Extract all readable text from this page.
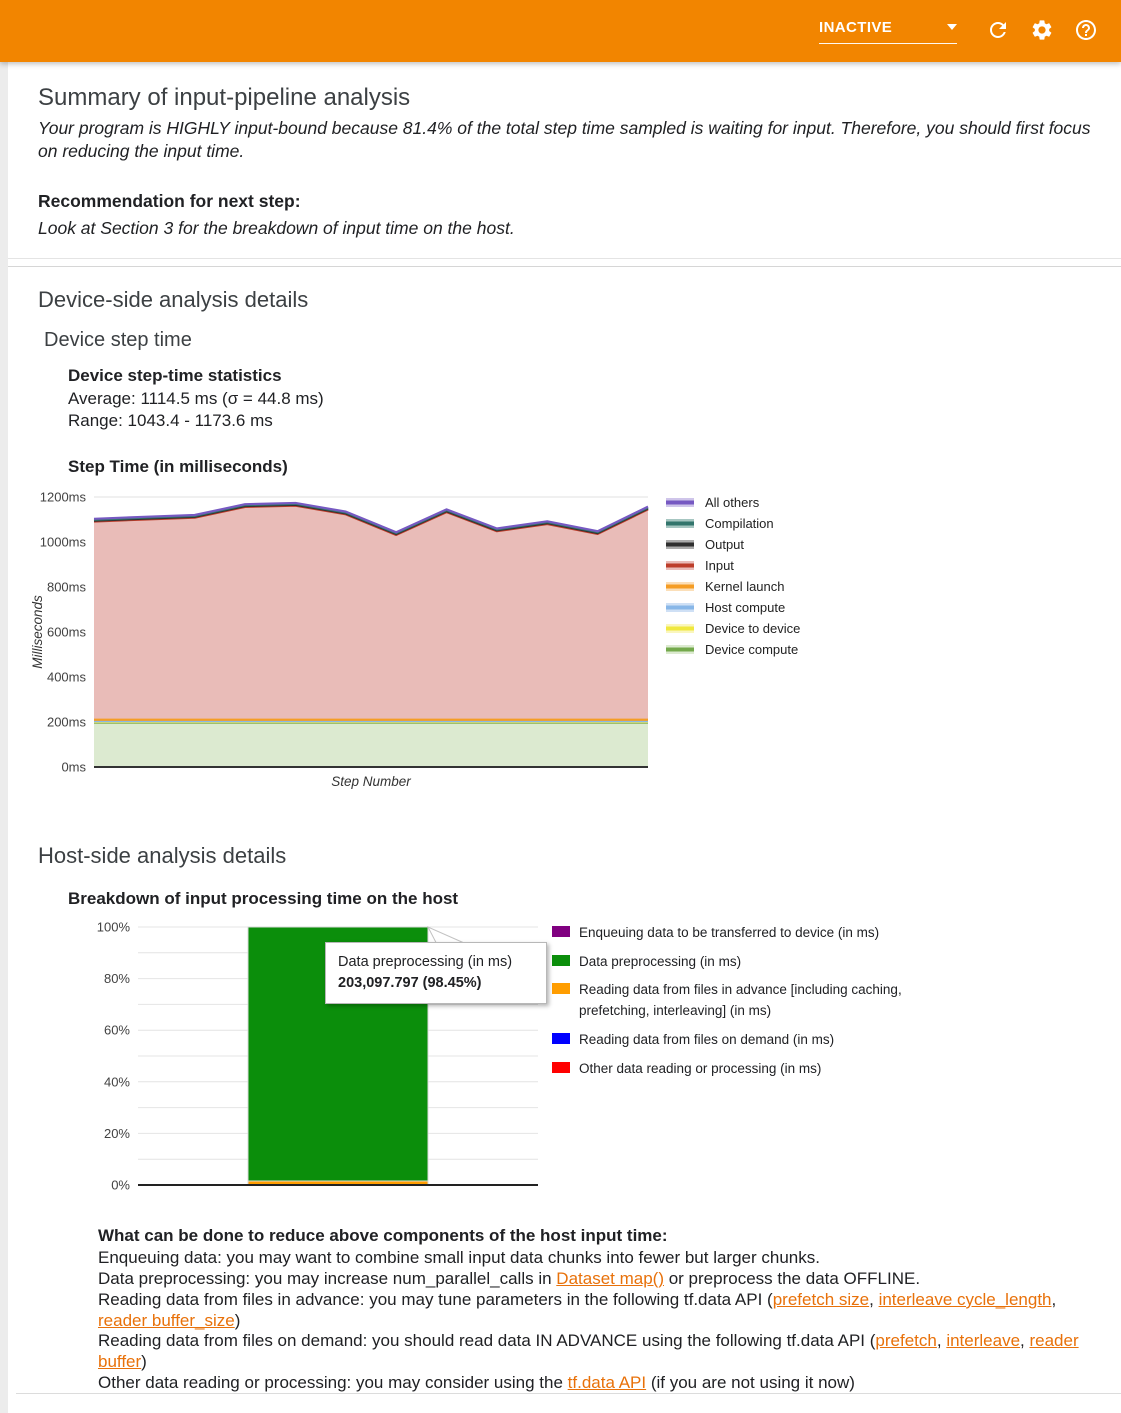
INACTIVE
Summary of input-pipeline analysis

Your program is HIGHLY input-bound because 81.4% of the total step time sampled is waiting for input. Therefore, you should first focus on reducing the input time.

Recommendation for next step:

Look at Section 3 for the breakdown of input time on the host.

Device-side analysis details
Device step time

Device step-time statistics

Average: 1114.5 ms (σ = 44.8 ms)

Range: 1043.4 - 1173.6 ms

Step Time (in milliseconds)

0ms
200ms
400ms
600ms
800ms
1000ms
1200ms
Step Number
Milliseconds
All others
Compilation
Output
Input
Kernel launch
Host compute
Device to device
Device compute
Host-side analysis details

Breakdown of input processing time on the host

0%
20%
40%
60%
80%
100%
Data preprocessing (in ms)
203,097.797 (98.45%)
Enqueuing data to be transferred to device (in ms)
Data preprocessing (in ms)
Reading data from files in advance [including caching, prefetching, interleaving] (in ms)
Reading data from files on demand (in ms)
Other data reading or processing (in ms)

What can be done to reduce above components of the host input time:

Enqueuing data: you may want to combine small input data chunks into fewer but larger chunks.

Data preprocessing: you may increase num_parallel_calls in Dataset map() or preprocess the data OFFLINE.

Reading data from files in advance: you may tune parameters in the following tf.data API (prefetch size, interleave cycle_length, reader buffer_size)

Reading data from files on demand: you should read data IN ADVANCE using the following tf.data API (prefetch, interleave, reader buffer)

Other data reading or processing: you may consider using the tf.data API (if you are not using it now)
